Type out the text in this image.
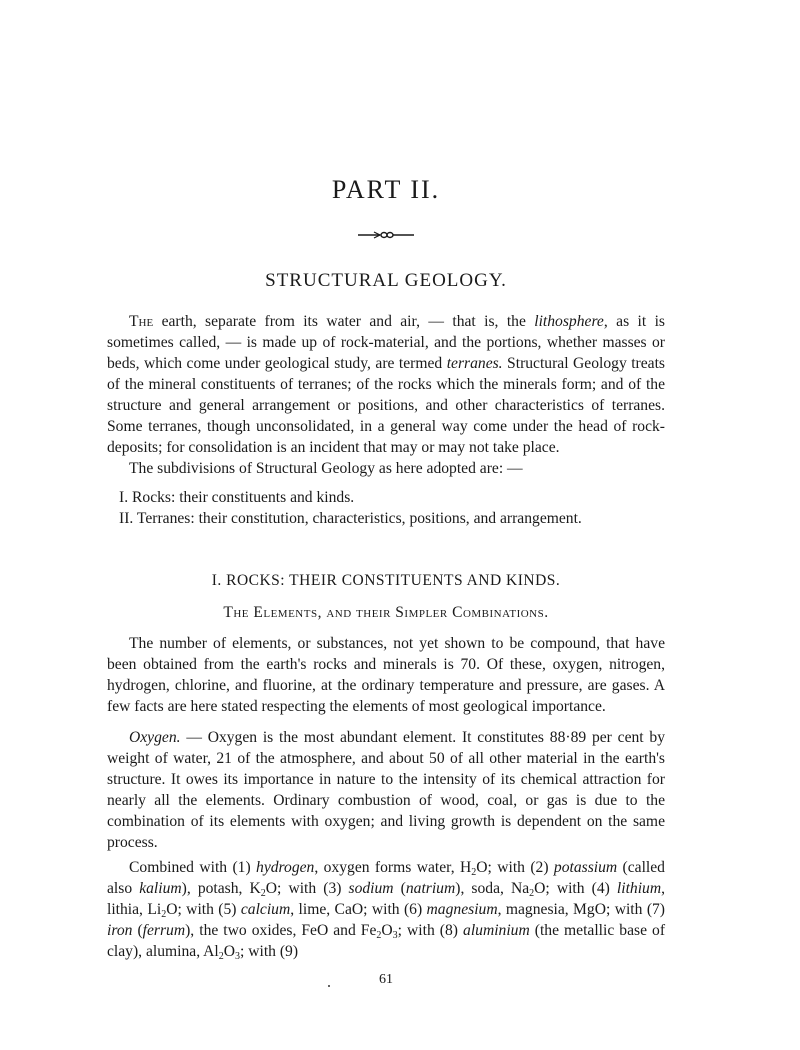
PART II.
STRUCTURAL GEOLOGY.

The earth, separate from its water and air, — that is, the lithosphere, as it is sometimes called, — is made up of rock-material, and the portions, whether masses or beds, which come under geological study, are termed terranes. Structural Geology treats of the mineral constituents of terranes; of the rocks which the minerals form; and of the structure and general arrangement or positions, and other characteristics of terranes. Some terranes, though unconsolidated, in a general way come under the head of rock-deposits; for consolidation is an incident that may or may not take place.

The subdivisions of Structural Geology as here adopted are: —

I. Rocks: their constituents and kinds.

II. Terranes: their constitution, characteristics, positions, and arrangement.

I. ROCKS: THEIR CONSTITUENTS AND KINDS.
The Elements, and their Simpler Combinations.

The number of elements, or substances, not yet shown to be compound, that have been obtained from the earth's rocks and minerals is 70. Of these, oxygen, nitrogen, hydrogen, chlorine, and fluorine, at the ordinary temperature and pressure, are gases. A few facts are here stated respecting the elements of most geological importance.

Oxygen. — Oxygen is the most abundant element. It constitutes 88·89 per cent by weight of water, 21 of the atmosphere, and about 50 of all other material in the earth's structure. It owes its importance in nature to the intensity of its chemical attraction for nearly all the elements. Ordinary combustion of wood, coal, or gas is due to the combination of its elements with oxygen; and living growth is dependent on the same process.

Combined with (1) hydrogen, oxygen forms water, $H_2O$; with (2) potassium (called also kalium), potash, $K_2O$; with (3) sodium (natrium), soda, $Na_2O$; with (4) lithium, lithia, $Li_2O$; with (5) calcium, lime, CaO; with (6) magnesium, magnesia, MgO; with (7) iron (ferrum), the two oxides, FeO and $Fe_2O_3$; with (8) aluminium (the metallic base of clay), alumina, $Al_2O_3$; with (9)

61
